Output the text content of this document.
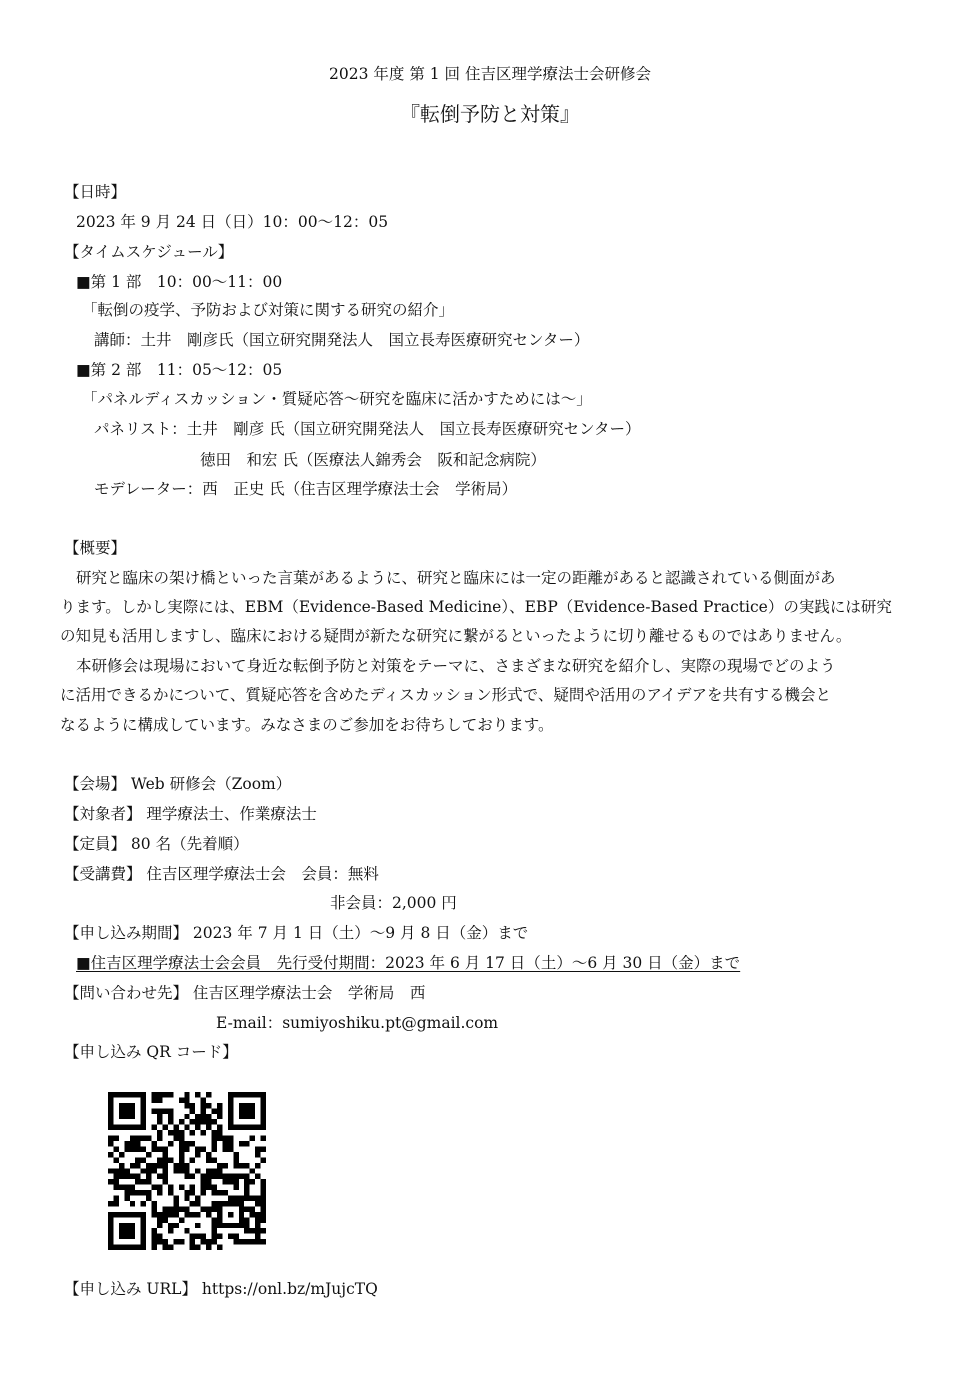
2023 年度 第 1 回 住吉区理学療法士会研修会
『転倒予防と対策』
【日時】
2023 年 9 月 24 日（日）10：00〜12：05
【タイムスケジュール】
■第 1 部　10：00〜11：00
「転倒の疫学、予防および対策に関する研究の紹介」
講師：土井　剛彦氏（国立研究開発法人　国立長寿医療研究センター）
■第 2 部　11：05〜12：05
「パネルディスカッション・質疑応答〜研究を臨床に活かすためには〜」
パネリスト：土井　剛彦 氏（国立研究開発法人　国立長寿医療研究センター）
徳田　和宏 氏（医療法人錦秀会　阪和記念病院）
モデレーター：西　正史 氏（住吉区理学療法士会　学術局）
【概要】
研究と臨床の架け橋といった言葉があるように、研究と臨床には一定の距離があると認識されている側面があ
ります。しかし実際には、EBM（Evidence-Based Medicine）、EBP（Evidence-Based Practice）の実践には研究
の知見も活用しますし、臨床における疑問が新たな研究に繋がるといったように切り離せるものではありません。
本研修会は現場において身近な転倒予防と対策をテーマに、さまざまな研究を紹介し、実際の現場でどのよう
に活用できるかについて、質疑応答を含めたディスカッション形式で、疑問や活用のアイデアを共有する機会と
なるように構成しています。みなさまのご参加をお待ちしております。
【会場】 Web 研修会（Zoom）
【対象者】 理学療法士、作業療法士
【定員】 80 名（先着順）
【受講費】 住吉区理学療法士会　会員：無料
非会員：2,000 円
【申し込み期間】 2023 年 7 月 1 日（土）〜9 月 8 日（金）まで
■住吉区理学療法士会会員　先行受付期間：2023 年 6 月 17 日（土）〜6 月 30 日（金）まで
【問い合わせ先】 住吉区理学療法士会　学術局　西
E-mail：sumiyoshiku.pt@gmail.com
【申し込み QR コード】
【申し込み URL】 https://onl.bz/mJujcTQ
